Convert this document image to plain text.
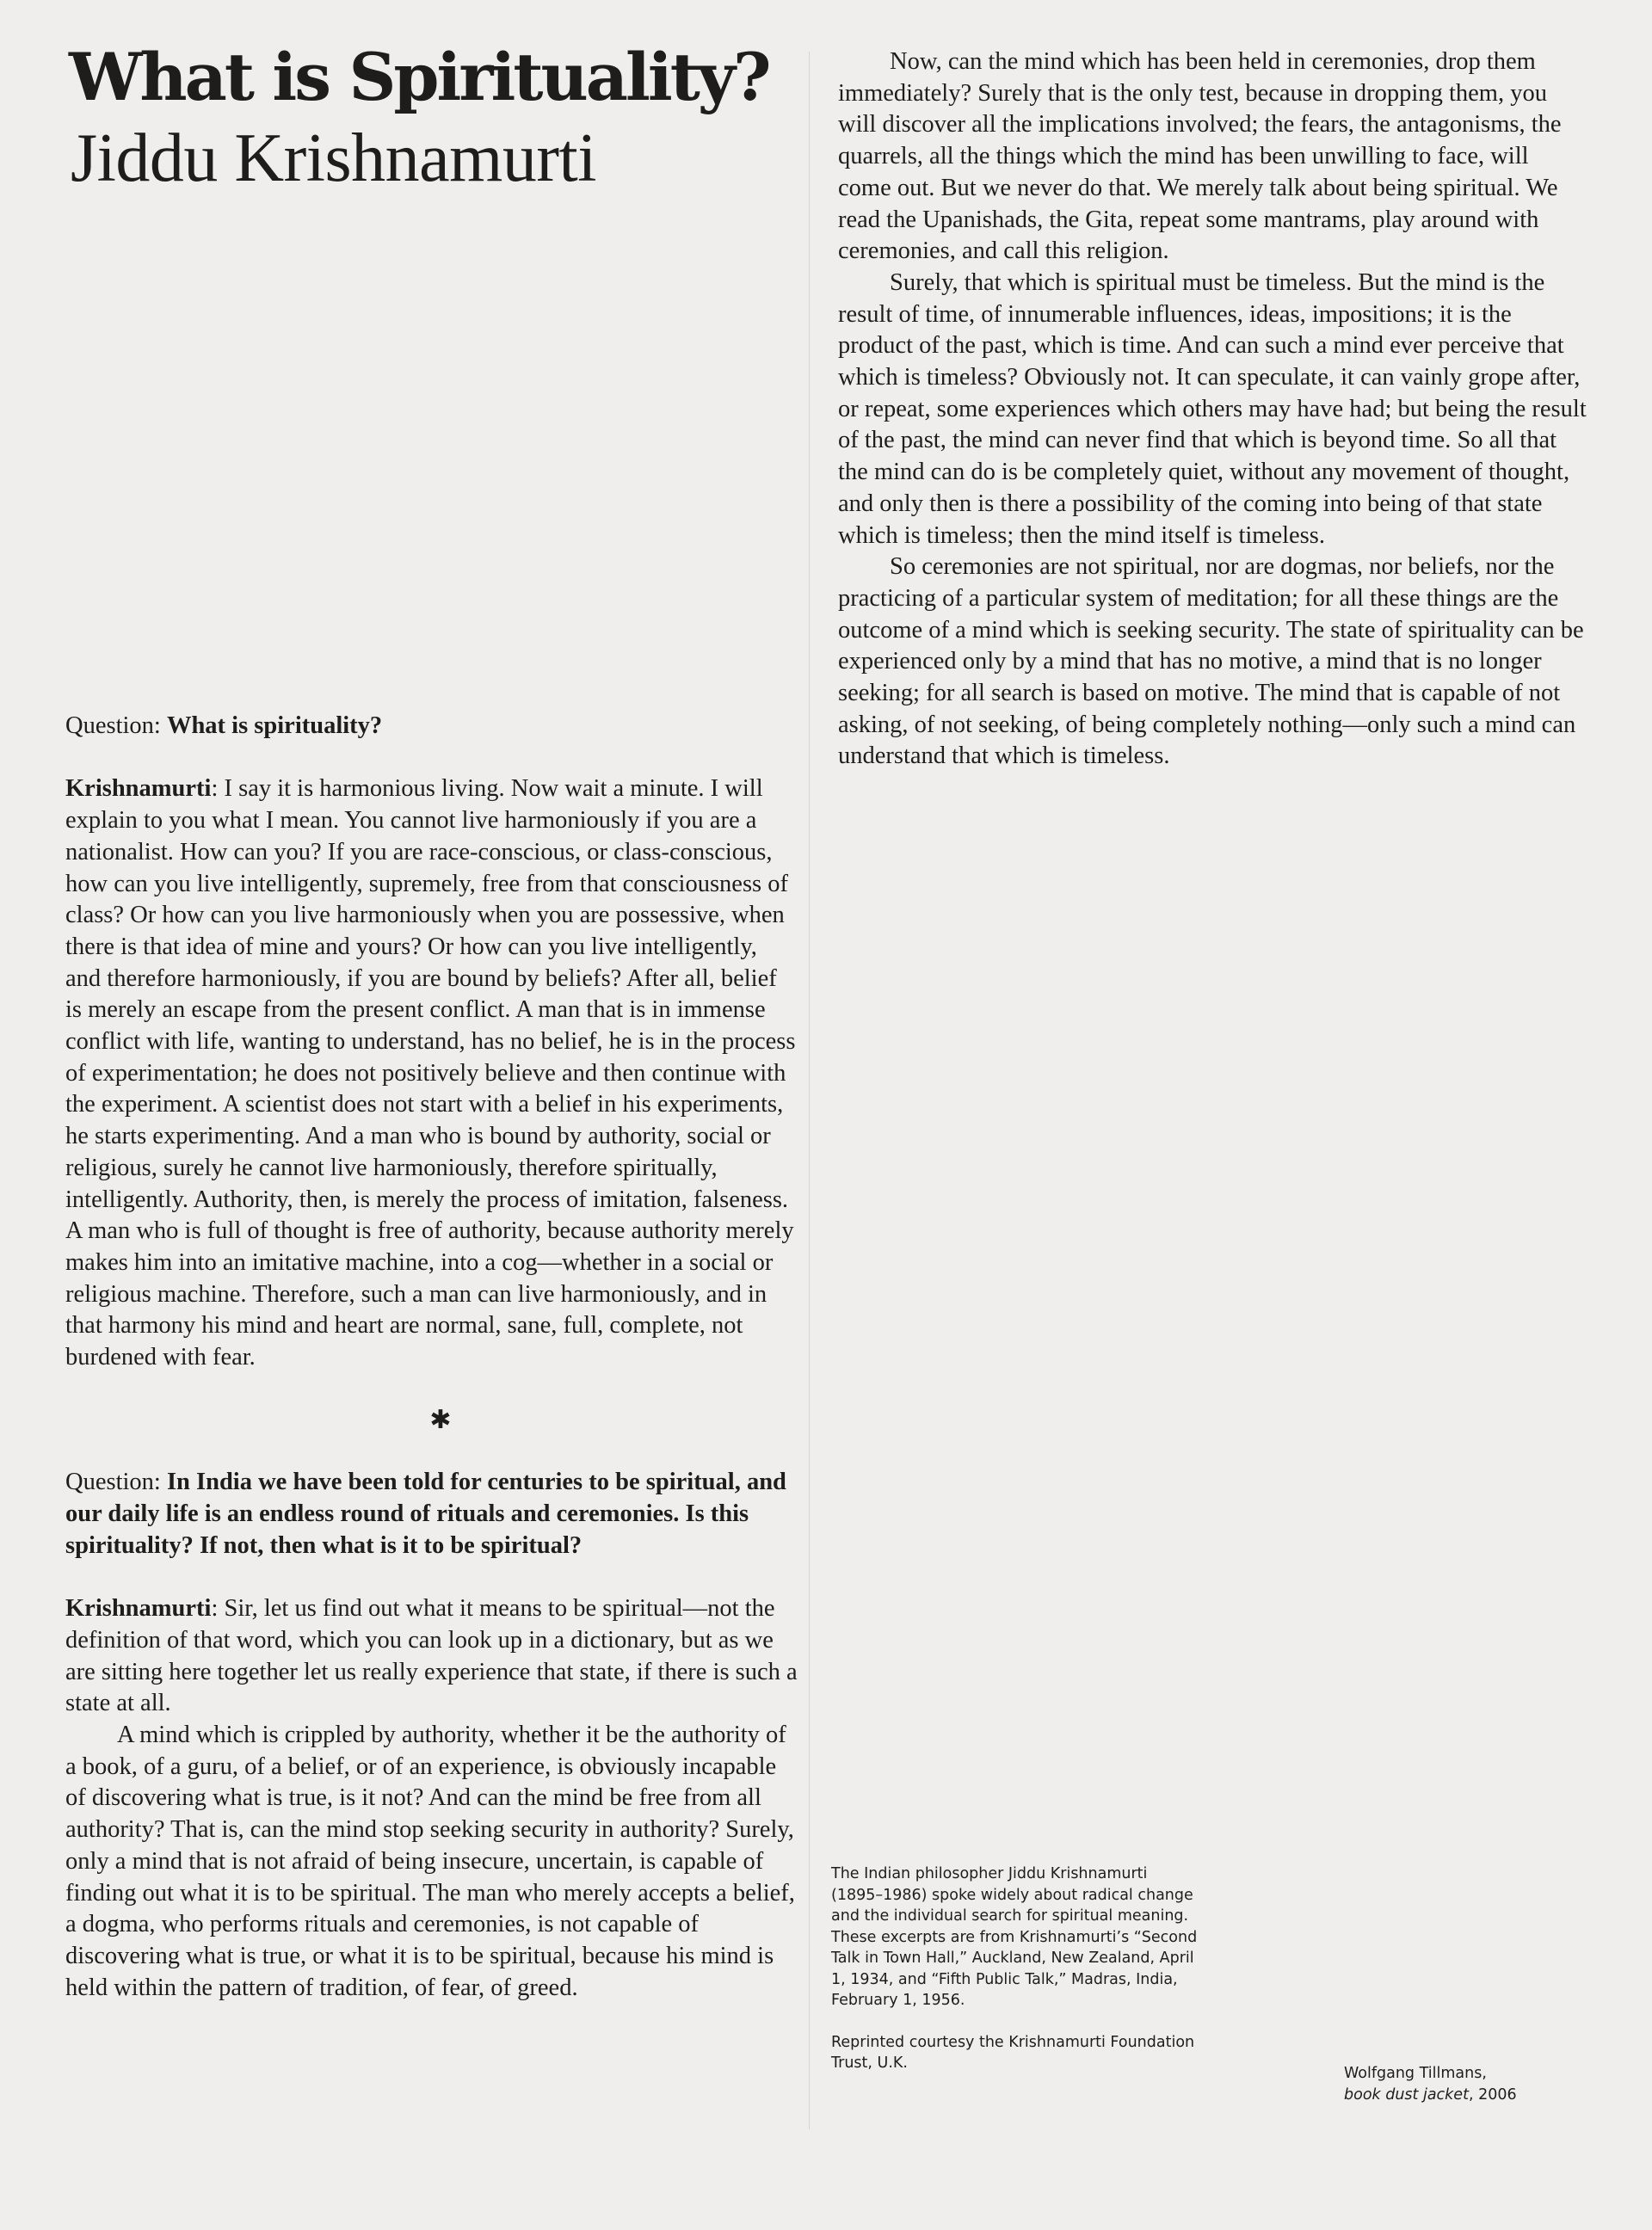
What is Spirituality?
Jiddu Krishnamurti

Question: What is spirituality?

Krishnamurti: I say it is harmonious living. Now wait a minute. I will explain to you what I mean. You cannot live harmoniously if you are a nationalist. How can you? If you are race-conscious, or class-conscious, how can you live intelligently, supremely, free from that consciousness of class? Or how can you live harmoniously when you are possessive, when there is that idea of mine and yours? Or how can you live intelligently, and therefore harmoniously, if you are bound by beliefs? After all, belief is merely an escape from the present conflict. A man that is in immense conflict with life, wanting to understand, has no belief, he is in the process of experimentation; he does not positively believe and then continue with the experiment. A scientist does not start with a belief in his experiments, he starts experimenting. And a man who is bound by authority, social or religious, surely he cannot live harmoniously, therefore spiritually, intelligently. Authority, then, is merely the process of imitation, falseness. A man who is full of thought is free of authority, because authority merely makes him into an imitative machine, into a cog—whether in a social or religious machine. Therefore, such a man can live harmoniously, and in that harmony his mind and heart are normal, sane, full, complete, not burdened with fear.

✱

Question: In India we have been told for centuries to be spiritual, and our daily life is an endless round of rituals and ceremonies. Is this spirituality? If not, then what is it to be spiritual?

Krishnamurti: Sir, let us find out what it means to be spiritual—not the definition of that word, which you can look up in a dictionary, but as we are sitting here together let us really experience that state, if there is such a state at all.

A mind which is crippled by authority, whether it be the authority of a book, of a guru, of a belief, or of an experience, is obviously incapable of discovering what is true, is it not? And can the mind be free from all authority? That is, can the mind stop seeking security in authority? Surely, only a mind that is not afraid of being insecure, uncertain, is capable of finding out what it is to be spiritual. The man who merely accepts a belief, a dogma, who performs rituals and ceremonies, is not capable of discovering what is true, or what it is to be spiritual, because his mind is held within the pattern of tradition, of fear, of greed.

Now, can the mind which has been held in ceremonies, drop them immediately? Surely that is the only test, because in dropping them, you will discover all the implications involved; the fears, the antagonisms, the quarrels, all the things which the mind has been unwilling to face, will come out. But we never do that. We merely talk about being spiritual. We read the Upanishads, the Gita, repeat some mantrams, play around with ceremonies, and call this religion.

Surely, that which is spiritual must be timeless. But the mind is the result of time, of innumerable influences, ideas, impositions; it is the product of the past, which is time. And can such a mind ever perceive that which is timeless? Obviously not. It can speculate, it can vainly grope after, or repeat, some experiences which others may have had; but being the result of the past, the mind can never find that which is beyond time. So all that the mind can do is be completely quiet, without any movement of thought, and only then is there a possibility of the coming into being of that state which is timeless; then the mind itself is timeless.

So ceremonies are not spiritual, nor are dogmas, nor beliefs, nor the practicing of a particular system of meditation; for all these things are the outcome of a mind which is seeking security. The state of spirituality can be experienced only by a mind that has no motive, a mind that is no longer seeking; for all search is based on motive. The mind that is capable of not asking, of not seeking, of being completely nothing—only such a mind can understand that which is timeless.

The Indian philosopher Jiddu Krishnamurti (1895–1986) spoke widely about radical change and the individual search for spiritual meaning. These excerpts are from Krishnamurti’s “Second Talk in Town Hall,” Auckland, New Zealand, April 1, 1934, and “Fifth Public Talk,” Madras, India, February 1, 1956.

Reprinted courtesy the Krishnamurti Foundation Trust, U.K.

Wolfgang Tillmans,

book dust jacket, 2006
